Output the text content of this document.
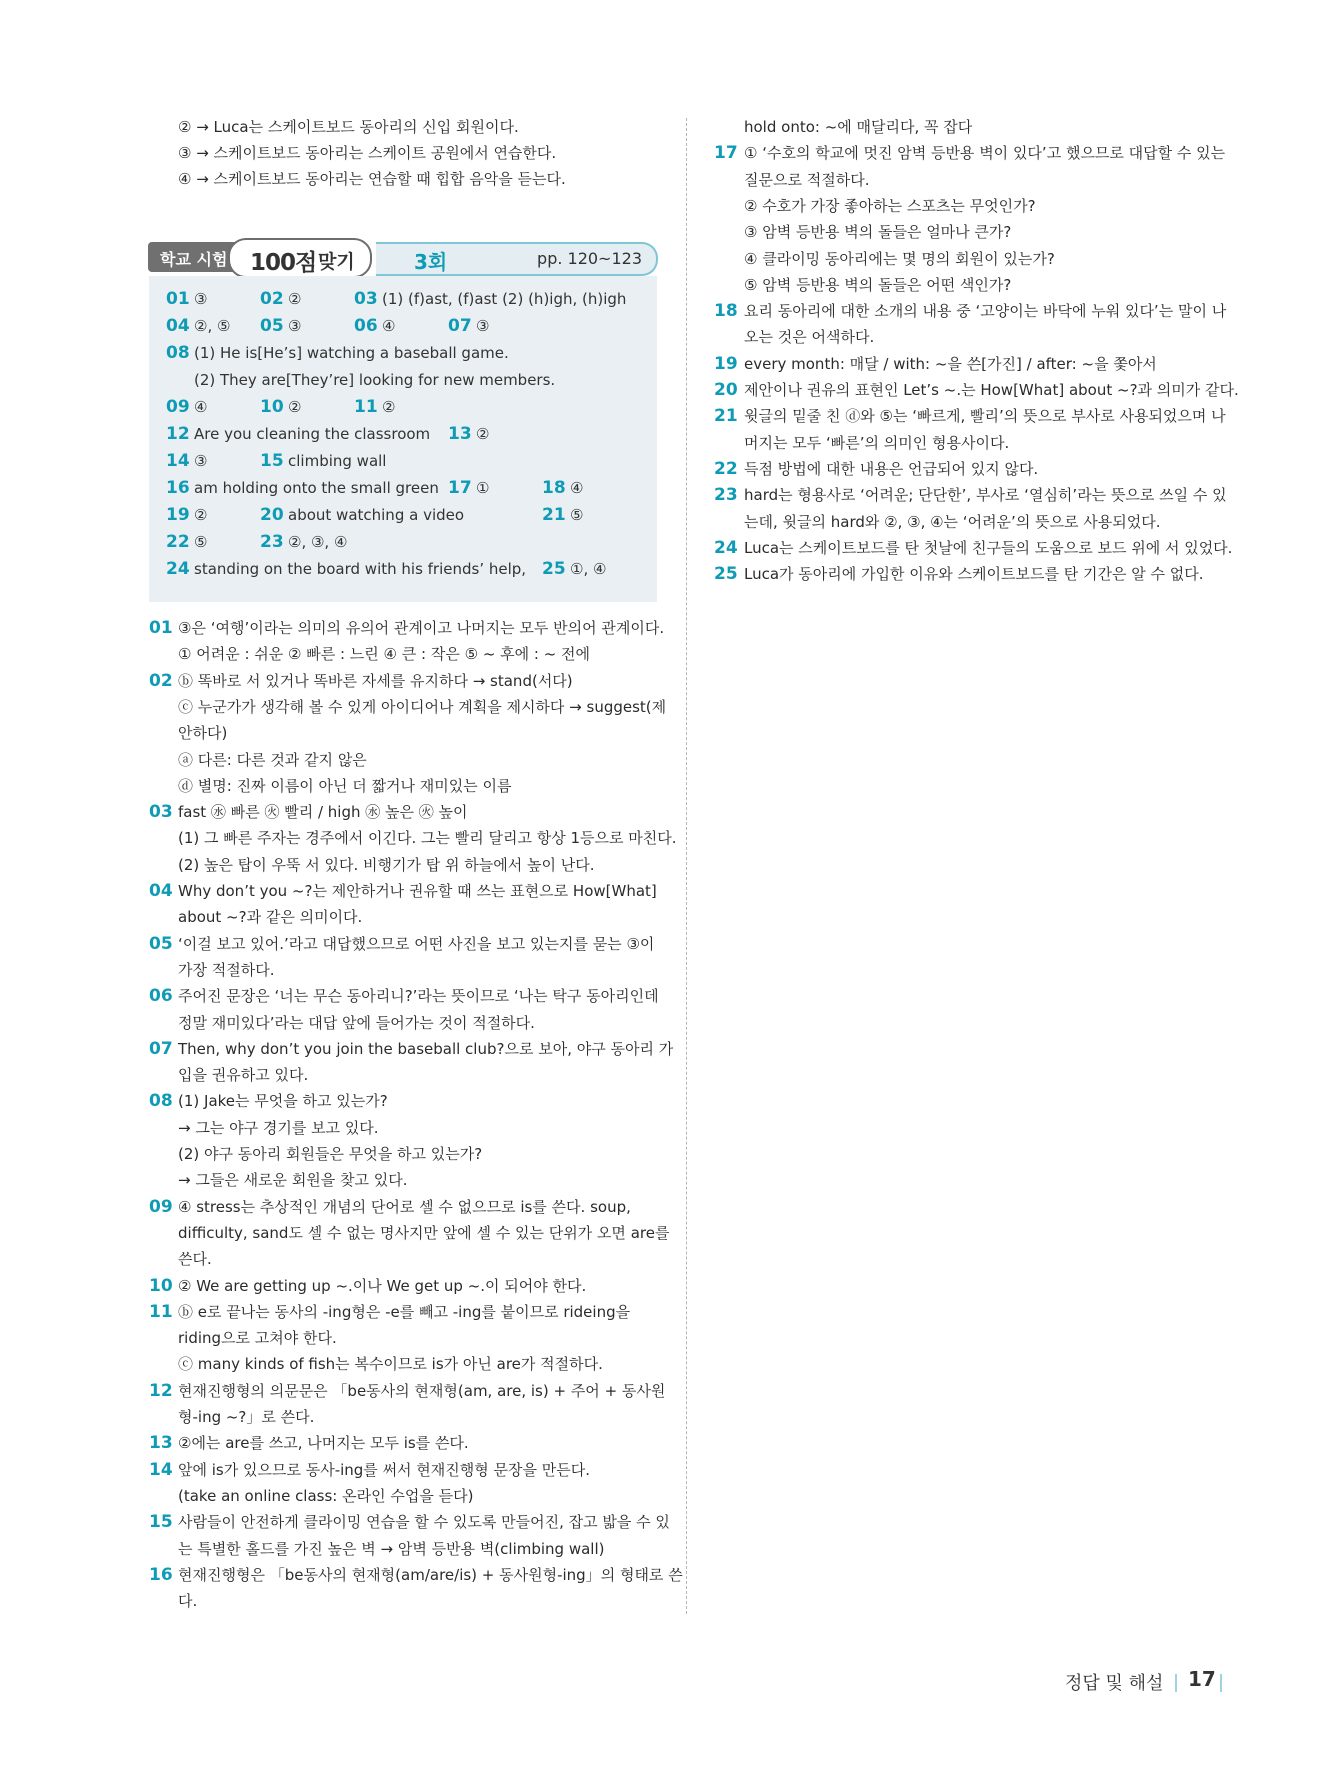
② → Luca는 스케이트보드 동아리의 신입 회원이다.
③ → 스케이트보드 동아리는 스케이트 공원에서 연습한다.
④ → 스케이트보드 동아리는 연습할 때 힙합 음악을 듣는다.
3회	pp. 120~123
학교 시험 100점 맞기
01 ③	02 ②	03 (1) (f)ast, (f)ast (2) (h)igh, (h)igh
04 ②, ⑤ 05 ③	06 ④	07 ③
08 (1) He is[He’s] watching a baseball game.
(2) They are[They’re] looking for new members.
09 ④	10 ②	11 ②
12 Are you cleaning the classroom 13 ②
14 ③	15 climbing wall
16 am holding onto the small green 17 ①	18 ④
19 ②	20 about watching a video	21 ⑤
22 ⑤	23 ②, ③, ④
24 standing on the board with his friends’ help, 25 ①, ④
01 ③은 ‘여행’이라는 의미의 유의어 관계이고 나머지는 모두 반의어 관계이다.
① 어려운 : 쉬운 ② 빠른 : 느린 ④ 큰 : 작은 ⑤ ~ 후에 : ~ 전에
02 ⓑ 똑바로 서 있거나 똑바른 자세를 유지하다 → stand(서다)
ⓒ 누군가가 생각해 볼 수 있게 아이디어나 계획을 제시하다 → suggest(제
안하다)
ⓐ 다른: 다른 것과 같지 않은
ⓓ 별명: 진짜 이름이 아닌 더 짧거나 재미있는 이름
03 fast ㊌ 빠른 ㊋ 빨리 / high ㊌ 높은 ㊋ 높이
(1) 그 빠른 주자는 경주에서 이긴다. 그는 빨리 달리고 항상 1등으로 마친다.
(2) 높은 탑이 우뚝 서 있다. 비행기가 탑 위 하늘에서 높이 난다.
04 Why don’t you ~?는 제안하거나 권유할 때 쓰는 표현으로 How[What]
about ~?과 같은 의미이다.
05 ‘이걸 보고 있어.’라고 대답했으므로 어떤 사진을 보고 있는지를 묻는 ③이
가장 적절하다.
06 주어진 문장은 ‘너는 무슨 동아리니?’라는 뜻이므로 ‘나는 탁구 동아리인데
정말 재미있다’라는 대답 앞에 들어가는 것이 적절하다.
07 Then, why don’t you join the baseball club?으로 보아, 야구 동아리 가
입을 권유하고 있다.
08 (1) Jake는 무엇을 하고 있는가?
→ 그는 야구 경기를 보고 있다.
(2) 야구 동아리 회원들은 무엇을 하고 있는가?
→ 그들은 새로운 회원을 찾고 있다.
09 ④ stress는 추상적인 개념의 단어로 셀 수 없으므로 is를 쓴다. soup,
difficulty, sand도 셀 수 없는 명사지만 앞에 셀 수 있는 단위가 오면 are를
쓴다.
10 ② We are getting up ~.이나 We get up ~.이 되어야 한다.
11 ⓑ e로 끝나는 동사의 -ing형은 -e를 빼고 -ing를 붙이므로 rideing을
riding으로 고쳐야 한다.
ⓒ many kinds of fish는 복수이므로 is가 아닌 are가 적절하다.
12 현재진행형의 의문문은 「be동사의 현재형(am, are, is) + 주어 + 동사원
형-ing ~?」로 쓴다.
13 ②에는 are를 쓰고, 나머지는 모두 is를 쓴다.
14 앞에 is가 있으므로 동사-ing를 써서 현재진행형 문장을 만든다.
(take an online class: 온라인 수업을 듣다)
15 사람들이 안전하게 클라이밍 연습을 할 수 있도록 만들어진, 잡고 밟을 수 있
는 특별한 홀드를 가진 높은 벽 → 암벽 등반용 벽(climbing wall)
16 현재진행형은 「be동사의 현재형(am/are/is) + 동사원형-ing」의 형태로 쓴
다.
hold onto: ~에 매달리다, 꼭 잡다
17 ① ‘수호의 학교에 멋진 암벽 등반용 벽이 있다’고 했으므로 대답할 수 있는
질문으로 적절하다.
② 수호가 가장 좋아하는 스포츠는 무엇인가?
③ 암벽 등반용 벽의 돌들은 얼마나 큰가?
④ 클라이밍 동아리에는 몇 명의 회원이 있는가?
⑤ 암벽 등반용 벽의 돌들은 어떤 색인가?
18 요리 동아리에 대한 소개의 내용 중 ‘고양이는 바닥에 누워 있다’는 말이 나
오는 것은 어색하다.
19 every month: 매달 / with: ~을 쓴[가진] / after: ~을 쫓아서
20 제안이나 권유의 표현인 Let’s ~.는 How[What] about ~?과 의미가 같다.
21 윗글의 밑줄 친 ⓓ와 ⑤는 ‘빠르게, 빨리’의 뜻으로 부사로 사용되었으며 나
머지는 모두 ‘빠른’의 의미인 형용사이다.
22 득점 방법에 대한 내용은 언급되어 있지 않다.
23 hard는 형용사로 ‘어려운; 단단한’, 부사로 ‘열심히’라는 뜻으로 쓰일 수 있
는데, 윗글의 hard와 ②, ③, ④는 ‘어려운’의 뜻으로 사용되었다.
24 Luca는 스케이트보드를 탄 첫날에 친구들의 도움으로 보드 위에 서 있었다.
25 Luca가 동아리에 가입한 이유와 스케이트보드를 탄 기간은 알 수 없다.
정답 및 해설 17
